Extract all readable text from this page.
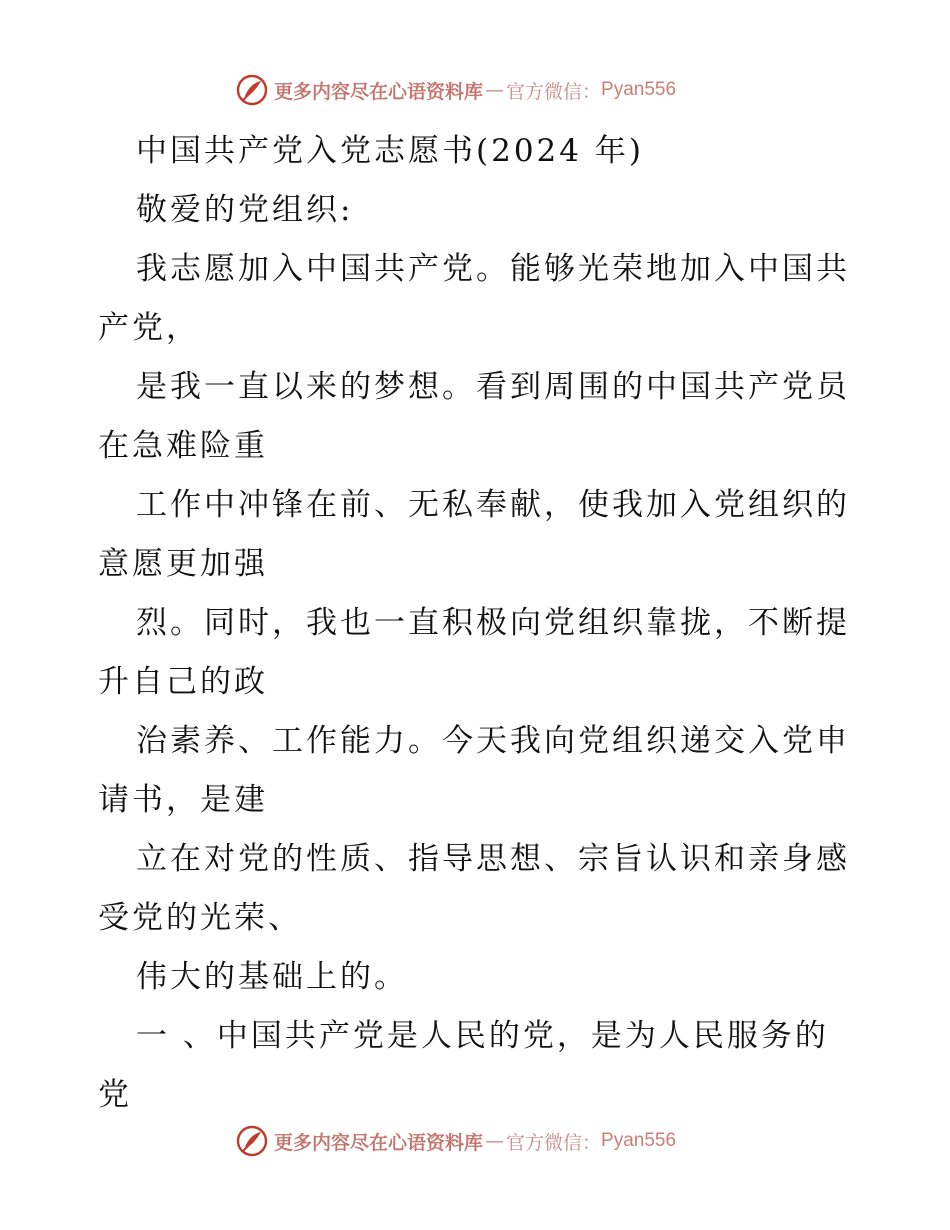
更多内容尽在心语资料库 — 官方微信： Pyan556

中国共产党入党志愿书(2024 年)

敬爱的党组织:

我志愿加入中国共产党。能够光荣地加入中国共产党，

是我一直以来的梦想。看到周围的中国共产党员在急难险重

工作中冲锋在前、无私奉献，使我加入党组织的意愿更加强

烈。同时，我也一直积极向党组织靠拢，不断提升自己的政

治素养、工作能力。今天我向党组织递交入党申请书，是建

立在对党的性质、指导思想、宗旨认识和亲身感受党的光荣、

伟大的基础上的。

一 、中国共产党是人民的党，是为人民服务的党

更多内容尽在心语资料库 — 官方微信： Pyan556
